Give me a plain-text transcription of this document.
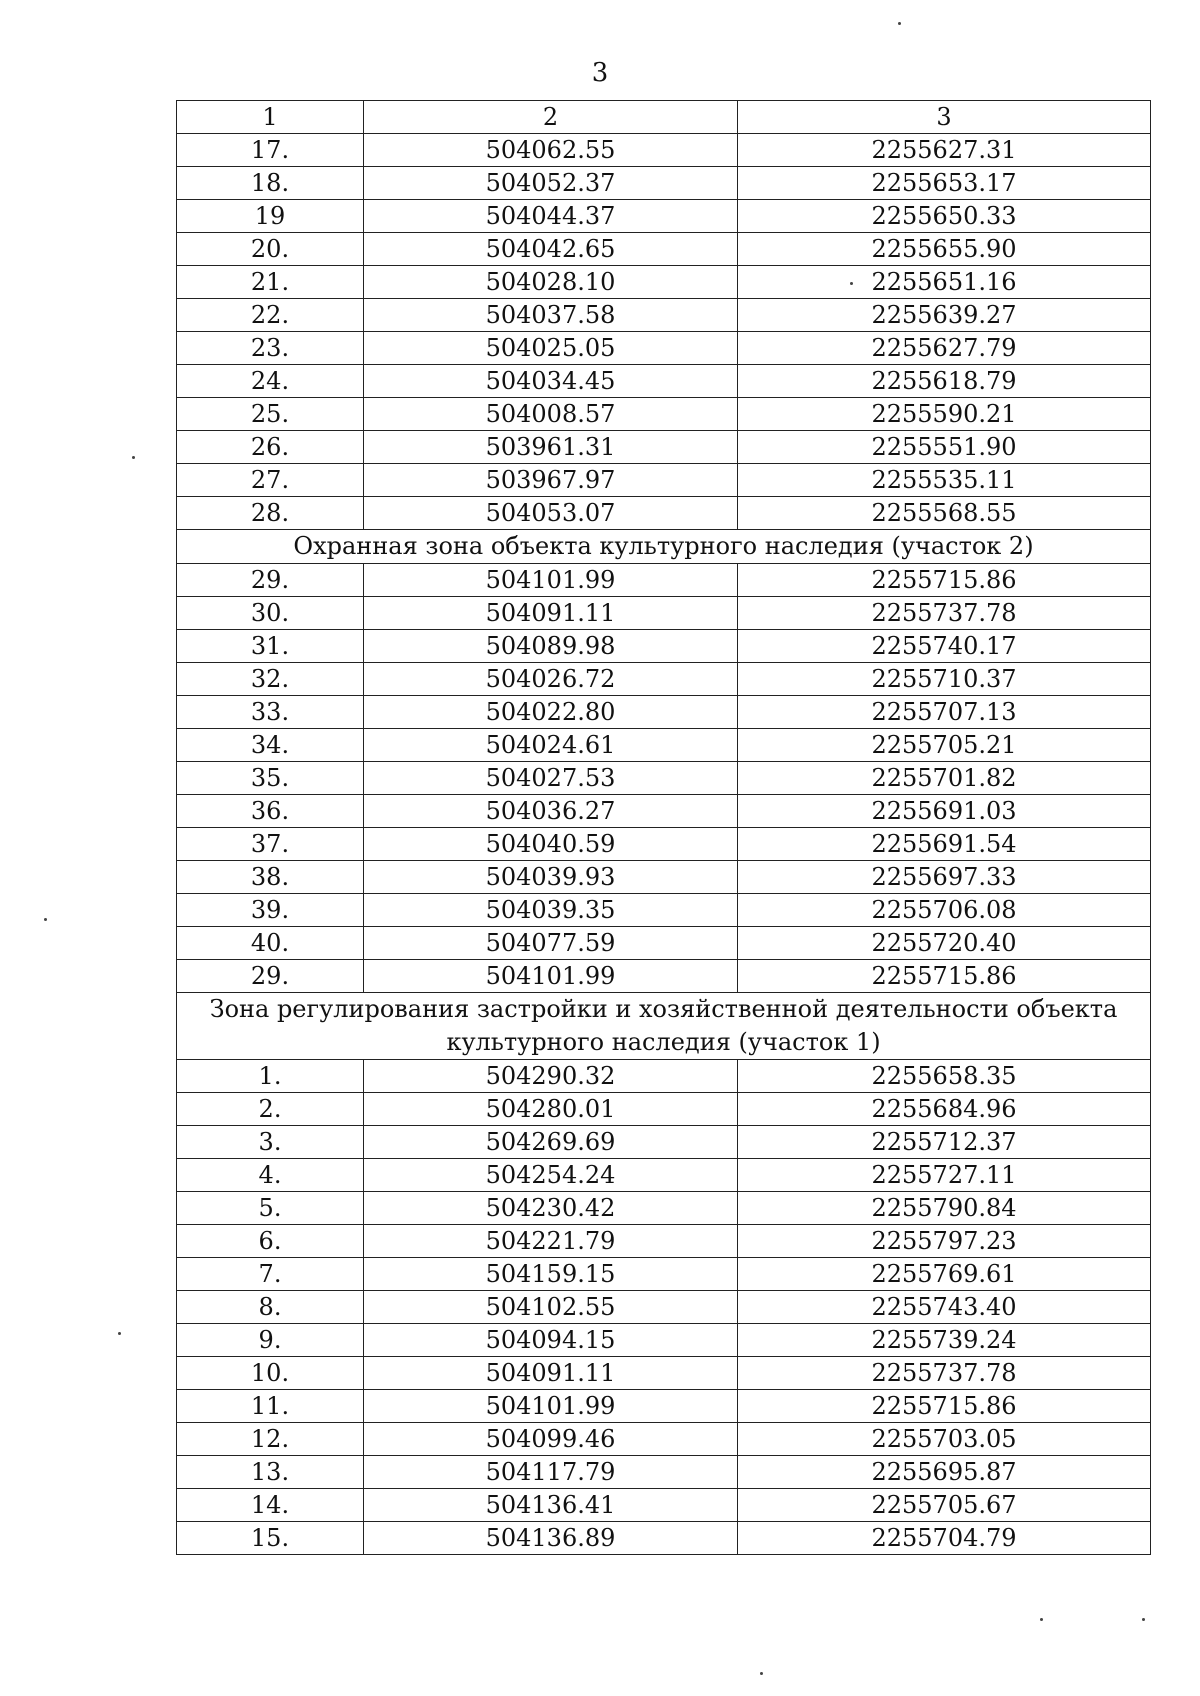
3
1	2	3
17.	504062.55	2255627.31
18.	504052.37	2255653.17
19	504044.37	2255650.33
20.	504042.65	2255655.90
21.	504028.10	2255651.16
22.	504037.58	2255639.27
23.	504025.05	2255627.79
24.	504034.45	2255618.79
25.	504008.57	2255590.21
26.	503961.31	2255551.90
27.	503967.97	2255535.11
28.	504053.07	2255568.55
Охранная зона объекта культурного наследия (участок 2)		
29.	504101.99	2255715.86
30.	504091.11	2255737.78
31.	504089.98	2255740.17
32.	504026.72	2255710.37
33.	504022.80	2255707.13
34.	504024.61	2255705.21
35.	504027.53	2255701.82
36.	504036.27	2255691.03
37.	504040.59	2255691.54
38.	504039.93	2255697.33
39.	504039.35	2255706.08
40.	504077.59	2255720.40
29.	504101.99	2255715.86
Зона регулирования застройки и хозяйственной деятельности объекта культурного наследия (участок 1)		
1.	504290.32	2255658.35
2.	504280.01	2255684.96
3.	504269.69	2255712.37
4.	504254.24	2255727.11
5.	504230.42	2255790.84
6.	504221.79	2255797.23
7.	504159.15	2255769.61
8.	504102.55	2255743.40
9.	504094.15	2255739.24
10.	504091.11	2255737.78
11.	504101.99	2255715.86
12.	504099.46	2255703.05
13.	504117.79	2255695.87
14.	504136.41	2255705.67
15.	504136.89	2255704.79
